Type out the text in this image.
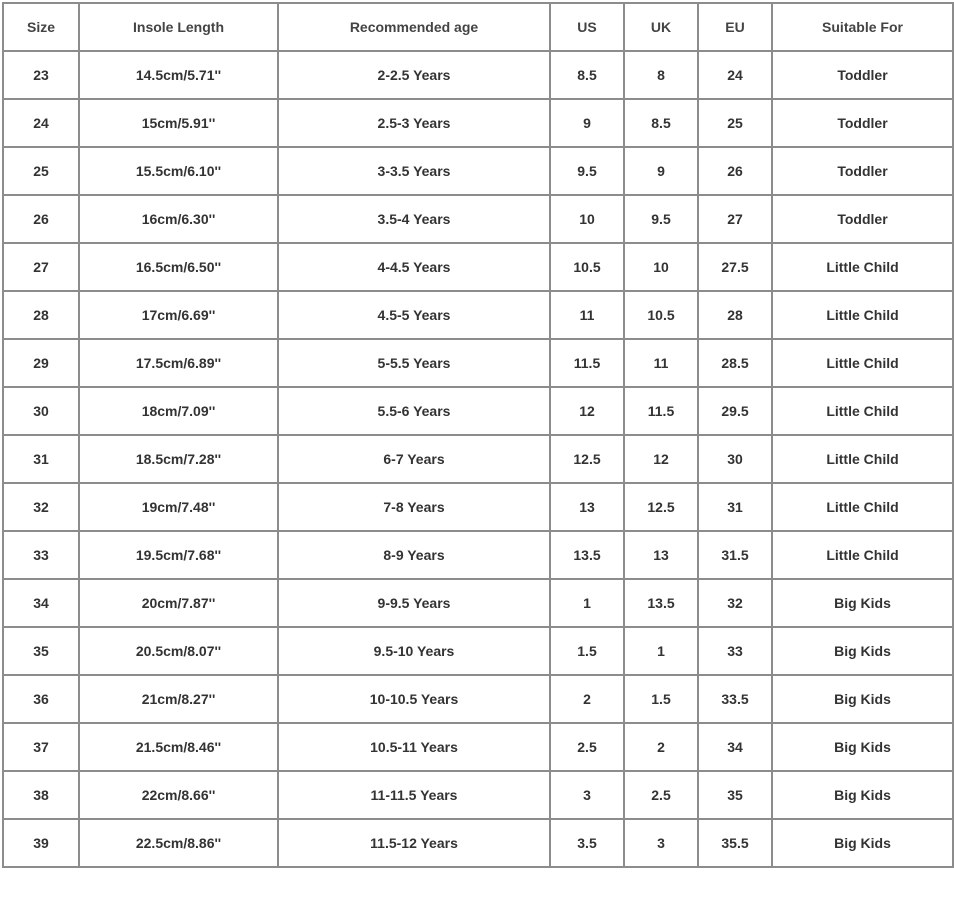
Size	Insole Length	Recommended age	US	UK	EU	Suitable For
23	14.5cm/5.71''	2-2.5 Years	8.5	8	24	Toddler
24	15cm/5.91''	2.5-3 Years	9	8.5	25	Toddler
25	15.5cm/6.10''	3-3.5 Years	9.5	9	26	Toddler
26	16cm/6.30''	3.5-4 Years	10	9.5	27	Toddler
27	16.5cm/6.50''	4-4.5 Years	10.5	10	27.5	Little Child
28	17cm/6.69''	4.5-5 Years	11	10.5	28	Little Child
29	17.5cm/6.89''	5-5.5 Years	11.5	11	28.5	Little Child
30	18cm/7.09''	5.5-6 Years	12	11.5	29.5	Little Child
31	18.5cm/7.28''	6-7 Years	12.5	12	30	Little Child
32	19cm/7.48''	7-8 Years	13	12.5	31	Little Child
33	19.5cm/7.68''	8-9 Years	13.5	13	31.5	Little Child
34	20cm/7.87''	9-9.5 Years	1	13.5	32	Big Kids
35	20.5cm/8.07''	9.5-10 Years	1.5	1	33	Big Kids
36	21cm/8.27''	10-10.5 Years	2	1.5	33.5	Big Kids
37	21.5cm/8.46''	10.5-11 Years	2.5	2	34	Big Kids
38	22cm/8.66''	11-11.5 Years	3	2.5	35	Big Kids
39	22.5cm/8.86''	11.5-12 Years	3.5	3	35.5	Big Kids
